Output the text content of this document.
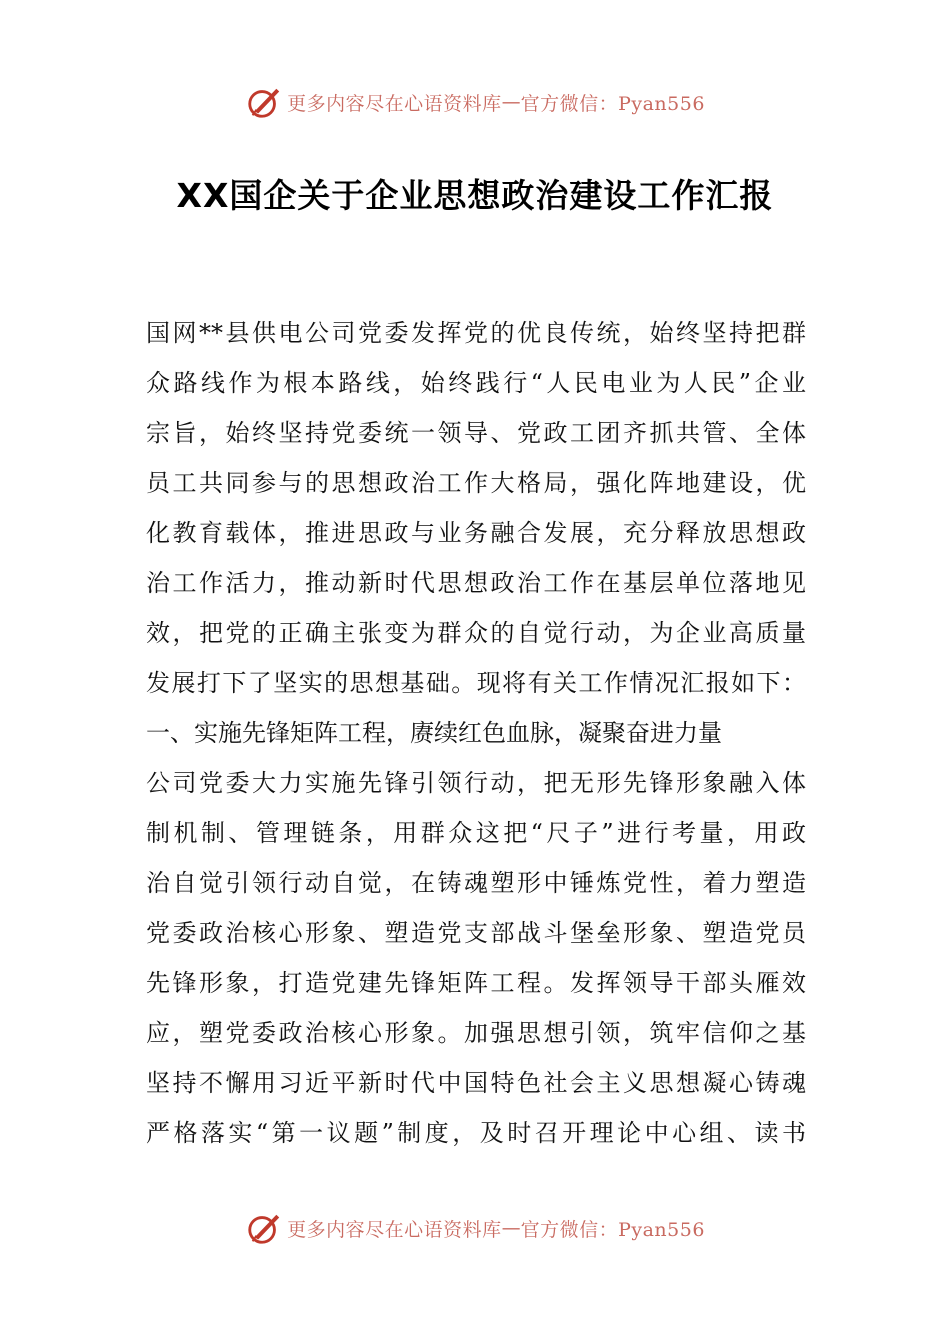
更多内容尽在心语资料库 — 官方微信：Pyan556
XX国企关于企业思想政治建设工作汇报
国网**县供电公司党委发挥党的优良传统，始终坚持把群
众路线作为根本路线，始终践行“人民电业为人民”企业
宗旨，始终坚持党委统一领导、党政工团齐抓共管、全体
员工共同参与的思想政治工作大格局，强化阵地建设，优
化教育载体，推进思政与业务融合发展，充分释放思想政
治工作活力，推动新时代思想政治工作在基层单位落地见
效，把党的正确主张变为群众的自觉行动，为企业高质量
发展打下了坚实的思想基础。现将有关工作情况汇报如下：
一、实施先锋矩阵工程，赓续红色血脉，凝聚奋进力量
公司党委大力实施先锋引领行动，把无形先锋形象融入体
制机制、管理链条，用群众这把“尺子”进行考量，用政
治自觉引领行动自觉，在铸魂塑形中锤炼党性，着力塑造
党委政治核心形象、塑造党支部战斗堡垒形象、塑造党员
先锋形象，打造党建先锋矩阵工程。发挥领导干部头雁效
应，塑党委政治核心形象。加强思想引领，筑牢信仰之基
坚持不懈用习近平新时代中国特色社会主义思想凝心铸魂
严格落实“第一议题”制度，及时召开理论中心组、读书
更多内容尽在心语资料库 — 官方微信：Pyan556
